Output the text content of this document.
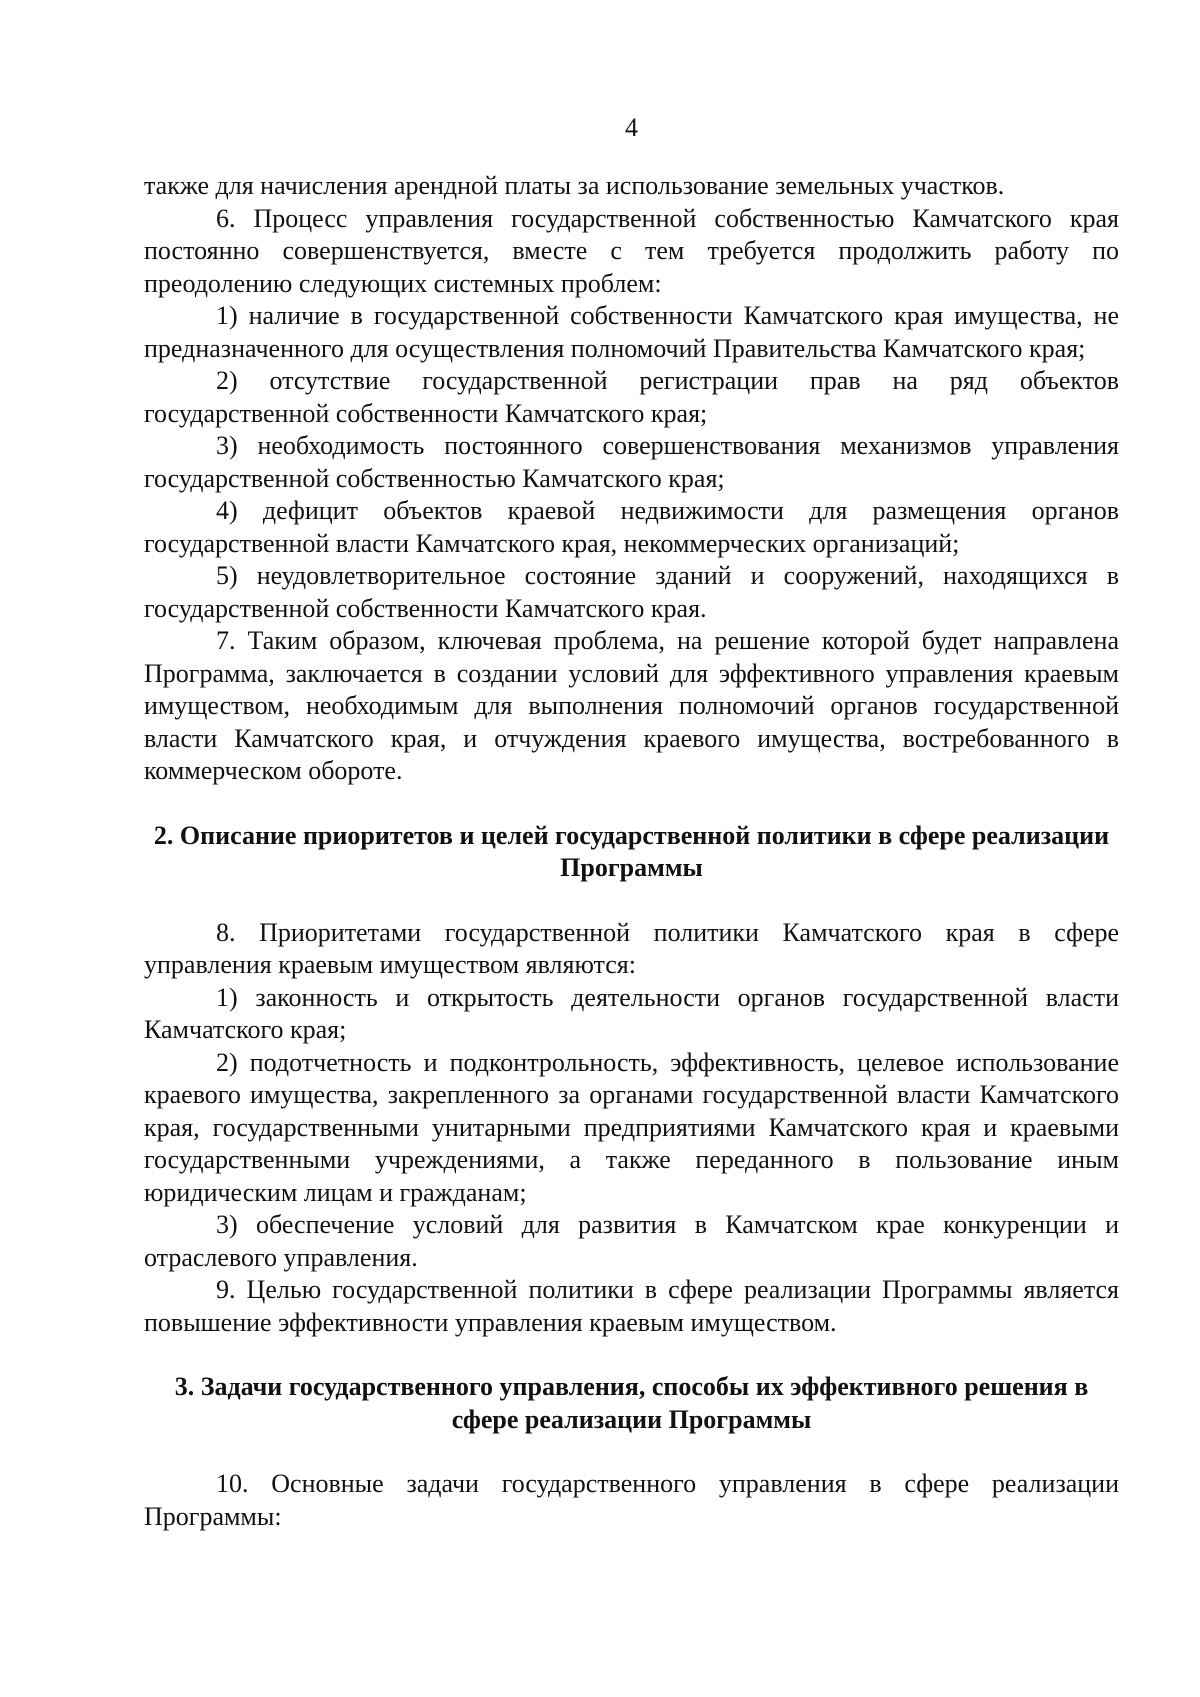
4

также для начисления арендной платы за использование земельных участков.

6. Процесс управления государственной собственностью Камчатского края постоянно совершенствуется, вместе с тем требуется продолжить работу по преодолению следующих системных проблем:

1) наличие в государственной собственности Камчатского края имущества, не предназначенного для осуществления полномочий Правительства Камчатского края;

2) отсутствие государственной регистрации прав на ряд объектов государственной собственности Камчатского края;

3) необходимость постоянного совершенствования механизмов управления государственной собственностью Камчатского края;

4) дефицит объектов краевой недвижимости для размещения органов государственной власти Камчатского края, некоммерческих организаций;

5) неудовлетворительное состояние зданий и сооружений, находящихся в государственной собственности Камчатского края.

7. Таким образом, ключевая проблема, на решение которой будет направлена Программа, заключается в создании условий для эффективного управления краевым имуществом, необходимым для выполнения полномочий органов государственной власти Камчатского края, и отчуждения краевого имущества, востребованного в коммерческом обороте.

2. Описание приоритетов и целей государственной политики в сфере реализации Программы

8. Приоритетами государственной политики Камчатского края в сфере управления краевым имуществом являются:

1) законность и открытость деятельности органов государственной власти Камчатского края;

2) подотчетность и подконтрольность, эффективность, целевое использование краевого имущества, закрепленного за органами государственной власти Камчатского края, государственными унитарными предприятиями Камчатского края и краевыми государственными учреждениями, а также переданного в пользование иным юридическим лицам и гражданам;

3) обеспечение условий для развития в Камчатском крае конкуренции и отраслевого управления.

9. Целью государственной политики в сфере реализации Программы является повышение эффективности управления краевым имуществом.

3. Задачи государственного управления, способы их эффективного решения в сфере реализации Программы

10. Основные задачи государственного управления в сфере реализации Программы:
